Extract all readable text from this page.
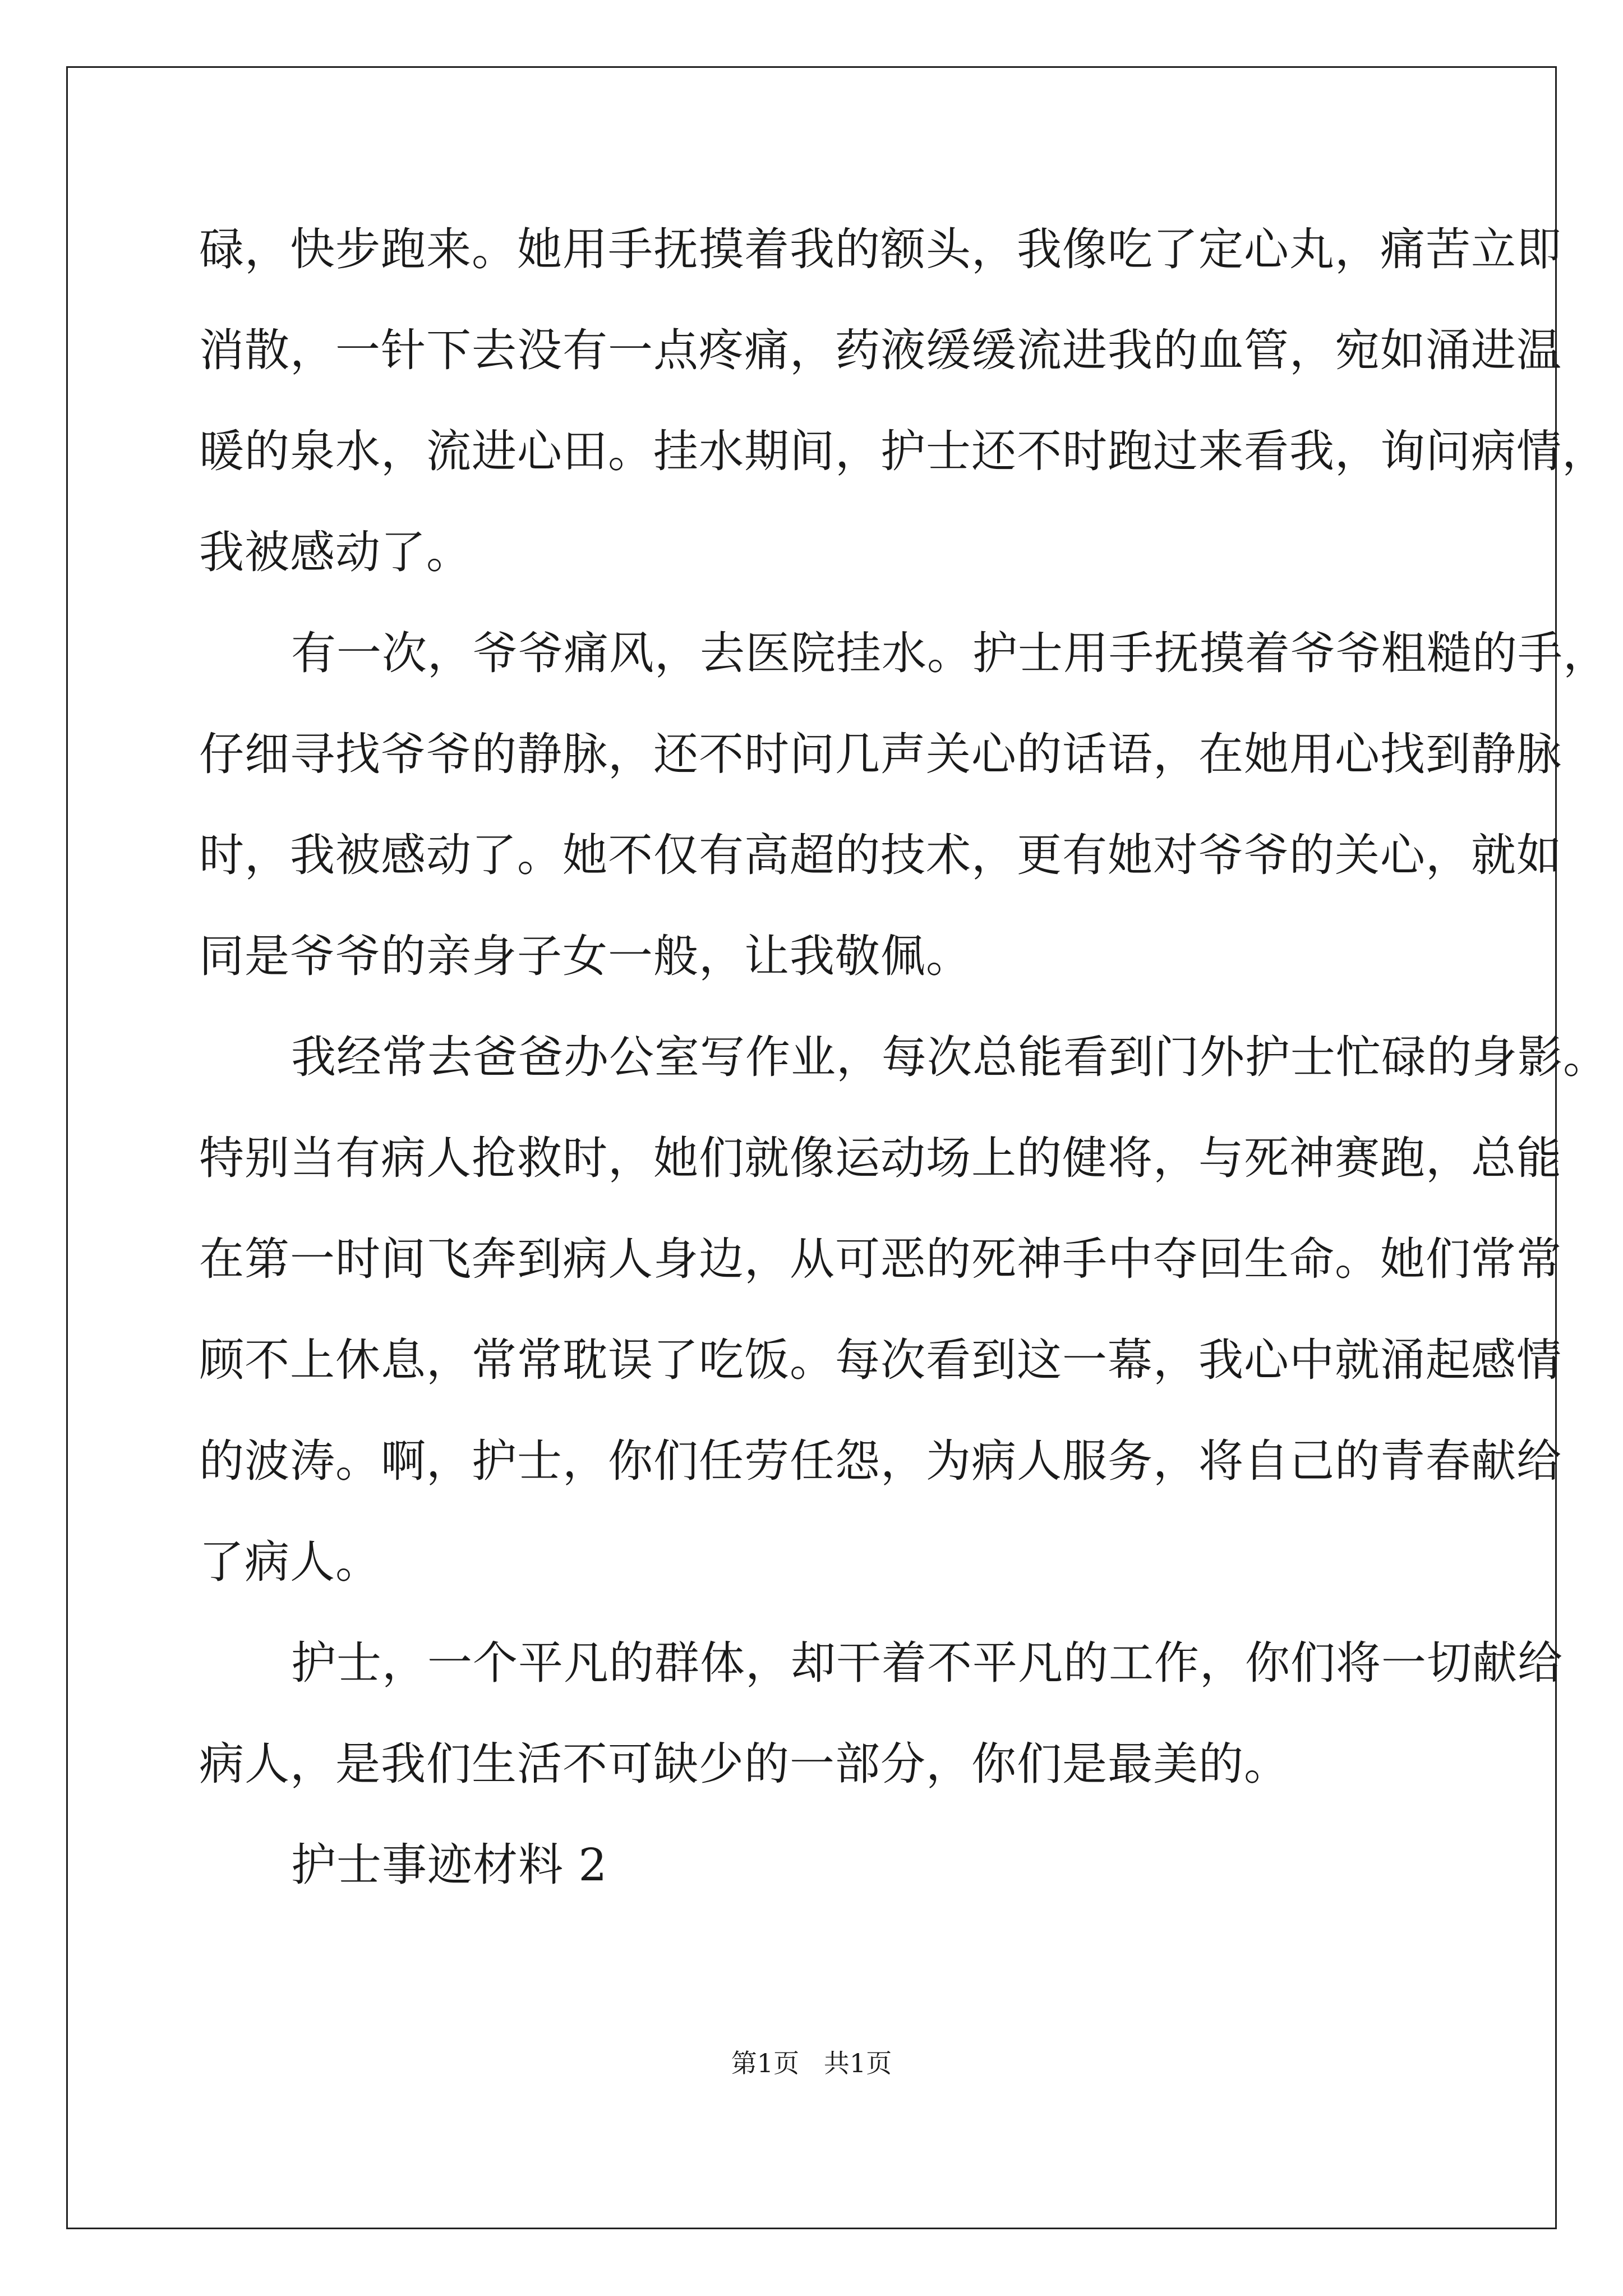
碌，快步跑来。她用手抚摸着我的额头，我像吃了定心丸，痛苦立即
消散，一针下去没有一点疼痛，药液缓缓流进我的血管，宛如涌进温
暖的泉水，流进心田。挂水期间，护士还不时跑过来看我，询问病情，
我被感动了。
有一次，爷爷痛风，去医院挂水。护士用手抚摸着爷爷粗糙的手，
仔细寻找爷爷的静脉，还不时问几声关心的话语，在她用心找到静脉
时，我被感动了。她不仅有高超的技术，更有她对爷爷的关心，就如
同是爷爷的亲身子女一般，让我敬佩。
我经常去爸爸办公室写作业，每次总能看到门外护士忙碌的身影。
特别当有病人抢救时，她们就像运动场上的健将，与死神赛跑，总能
在第一时间飞奔到病人身边，从可恶的死神手中夺回生命。她们常常
顾不上休息，常常耽误了吃饭。每次看到这一幕，我心中就涌起感情
的波涛。啊，护士，你们任劳任怨，为病人服务，将自己的青春献给
了病人。
护士，一个平凡的群体，却干着不平凡的工作，你们将一切献给
病人，是我们生活不可缺少的一部分，你们是最美的。
护士事迹材料 2
第1页   共1页
